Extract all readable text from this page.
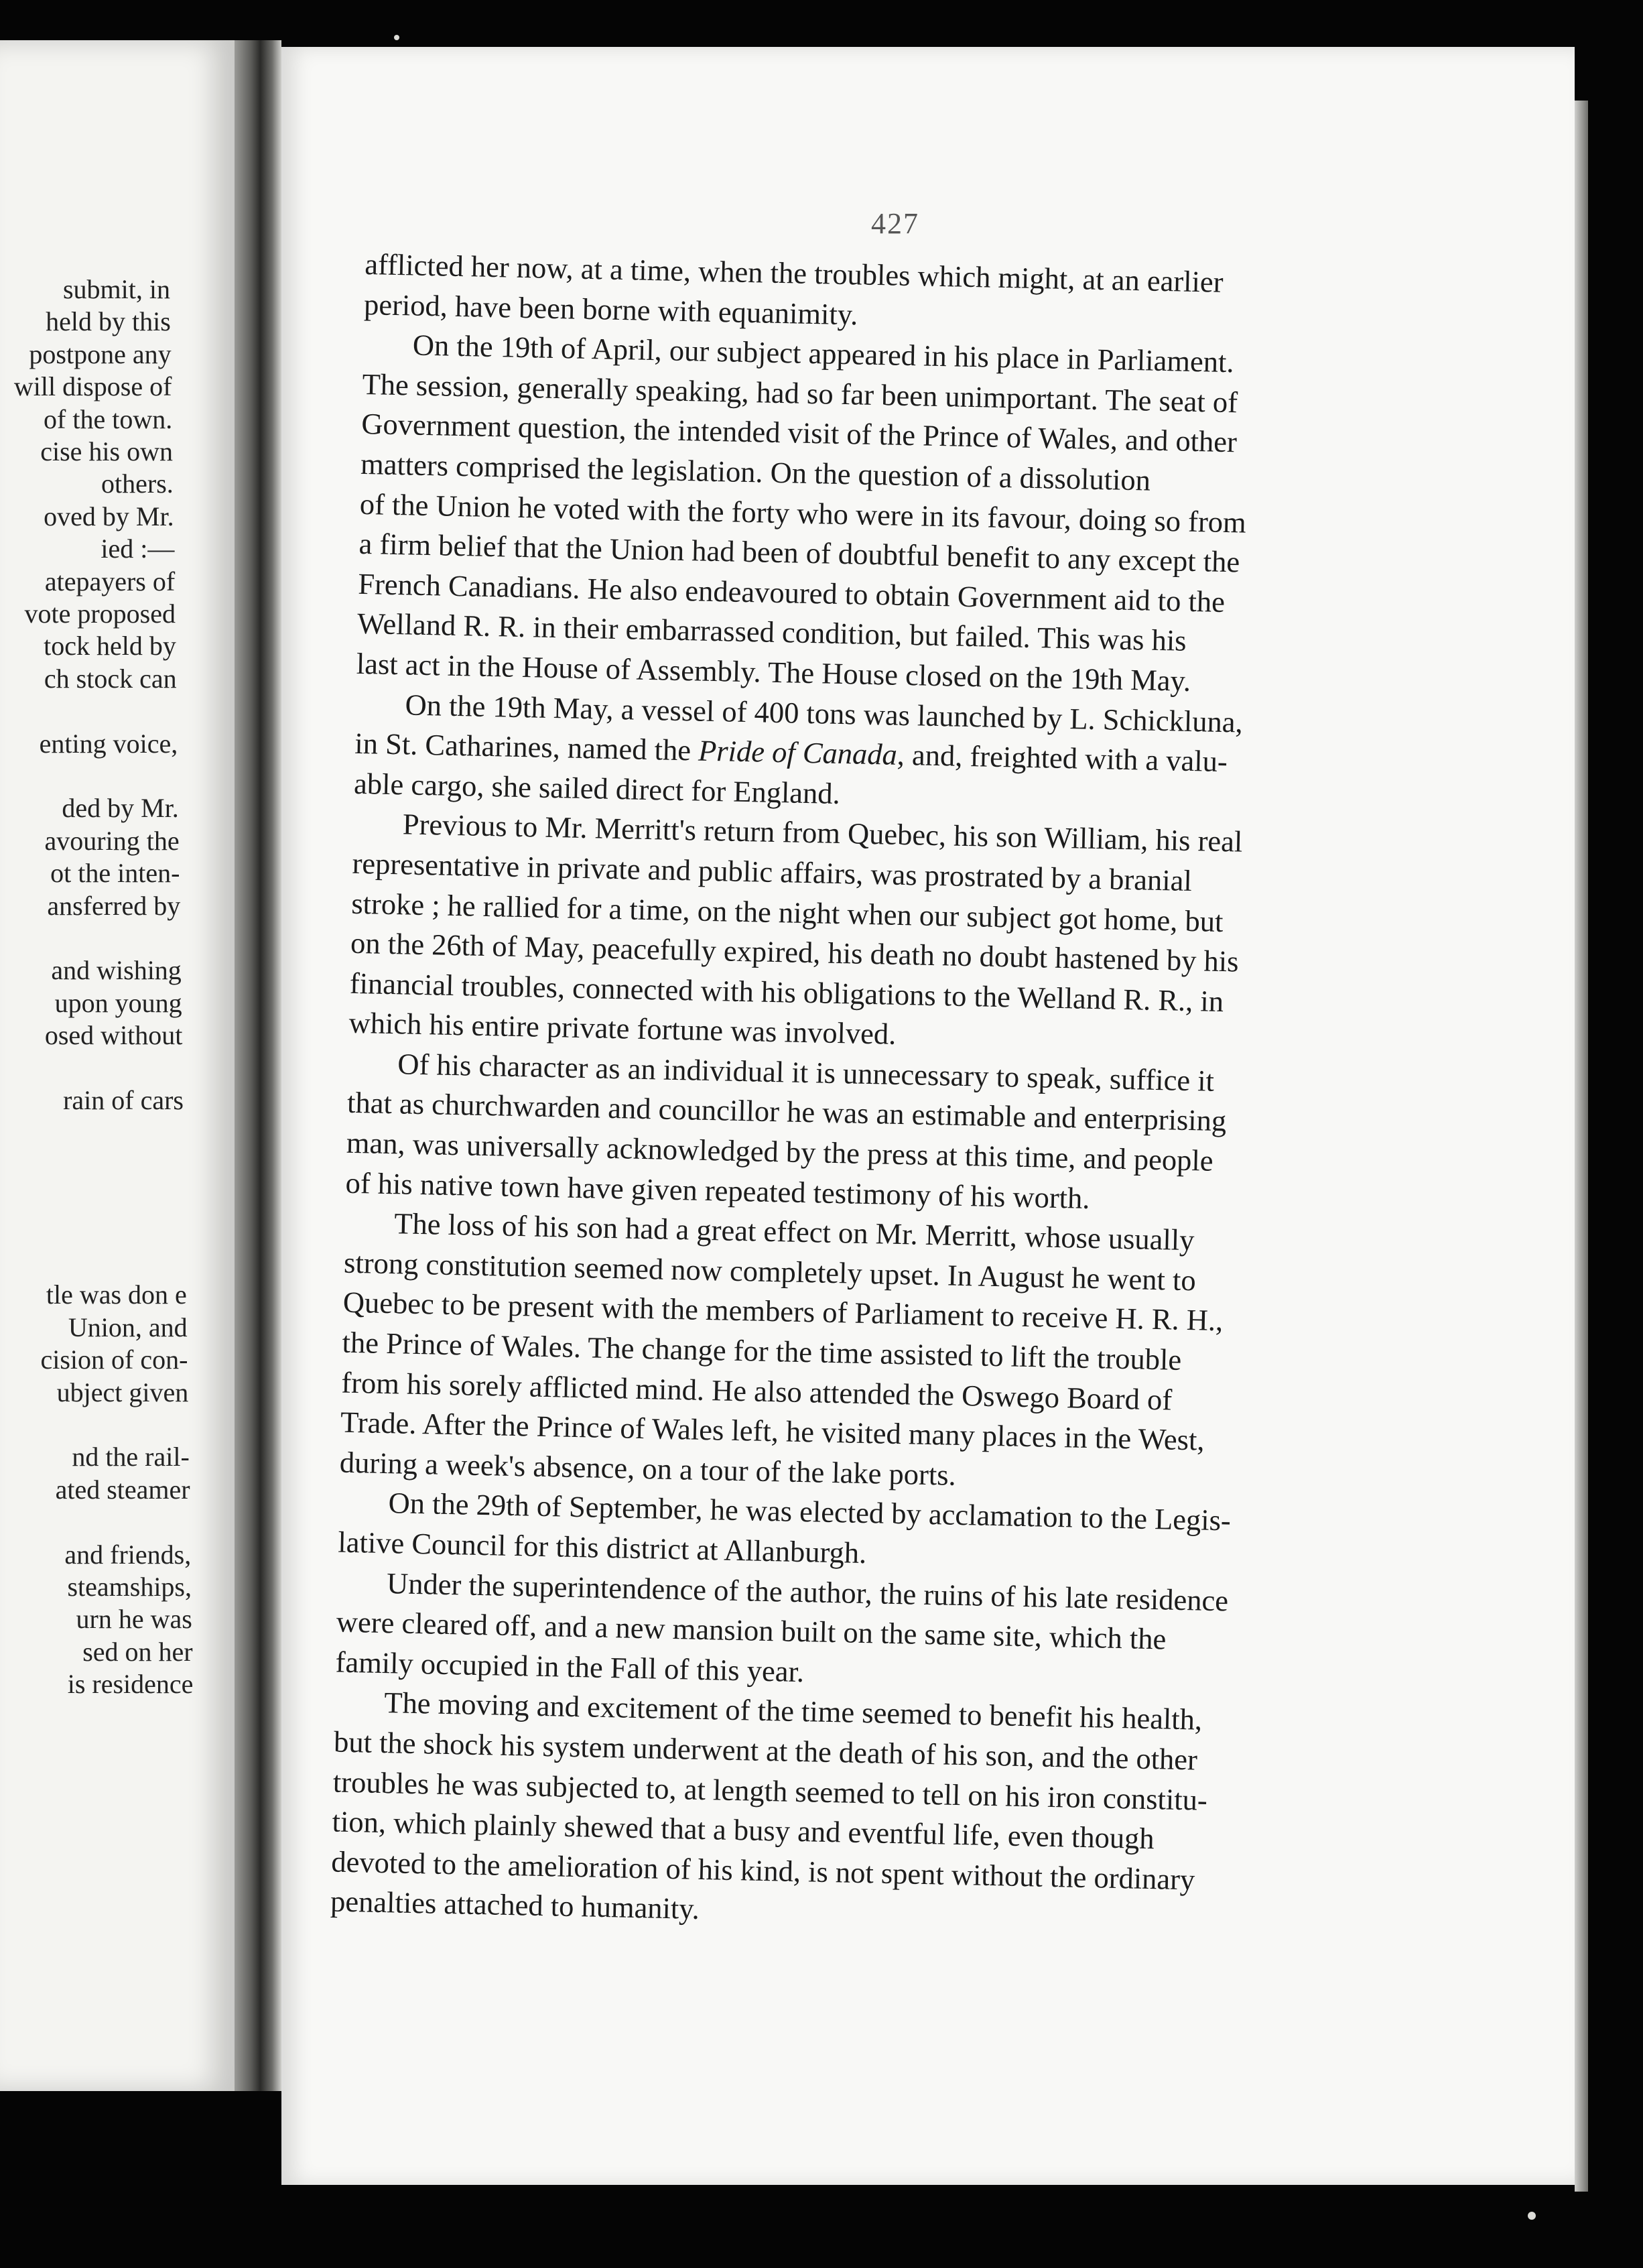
submit, in
held by this
postpone any
will dispose of
of the town.
cise his own
others.
oved by Mr.
ied :—
atepayers of
vote proposed
tock held by
ch stock can
enting voice,
ded by Mr.
avouring the
ot the inten-
ansferred by
and wishing
upon young
osed without
rain of cars
tle was don e
Union, and
cision of con-
ubject given
nd the rail-
ated steamer
and friends,
steamships,
urn he was
sed on her
is residence
427
afflicted her now, at a time, when the troubles which might, at an earlier
period, have been borne with equanimity.
On the 19th of April, our subject appeared in his place in Parliament.
The session, generally speaking, had so far been unimportant. The seat of
Government question, the intended visit of the Prince of Wales, and other
matters comprised the legislation. On the question of a dissolution
of the Union he voted with the forty who were in its favour, doing so from
a firm belief that the Union had been of doubtful benefit to any except the
French Canadians. He also endeavoured to obtain Government aid to the
Welland R. R. in their embarrassed condition, but failed. This was his
last act in the House of Assembly. The House closed on the 19th May.
On the 19th May, a vessel of 400 tons was launched by L. Schickluna,
in St. Catharines, named the Pride of Canada, and, freighted with a valu-
able cargo, she sailed direct for England.
Previous to Mr. Merritt's return from Quebec, his son William, his real
representative in private and public affairs, was prostrated by a branial
stroke ; he rallied for a time, on the night when our subject got home, but
on the 26th of May, peacefully expired, his death no doubt hastened by his
financial troubles, connected with his obligations to the Welland R. R., in
which his entire private fortune was involved.
Of his character as an individual it is unnecessary to speak, suffice it
that as churchwarden and councillor he was an estimable and enterprising
man, was universally acknowledged by the press at this time, and people
of his native town have given repeated testimony of his worth.
The loss of his son had a great effect on Mr. Merritt, whose usually
strong constitution seemed now completely upset. In August he went to
Quebec to be present with the members of Parliament to receive H. R. H.,
the Prince of Wales. The change for the time assisted to lift the trouble
from his sorely afflicted mind. He also attended the Oswego Board of
Trade. After the Prince of Wales left, he visited many places in the West,
during a week's absence, on a tour of the lake ports.
On the 29th of September, he was elected by acclamation to the Legis-
lative Council for this district at Allanburgh.
Under the superintendence of the author, the ruins of his late residence
were cleared off, and a new mansion built on the same site, which the
family occupied in the Fall of this year.
The moving and excitement of the time seemed to benefit his health,
but the shock his system underwent at the death of his son, and the other
troubles he was subjected to, at length seemed to tell on his iron constitu-
tion, which plainly shewed that a busy and eventful life, even though
devoted to the amelioration of his kind, is not spent without the ordinary
penalties attached to humanity.
